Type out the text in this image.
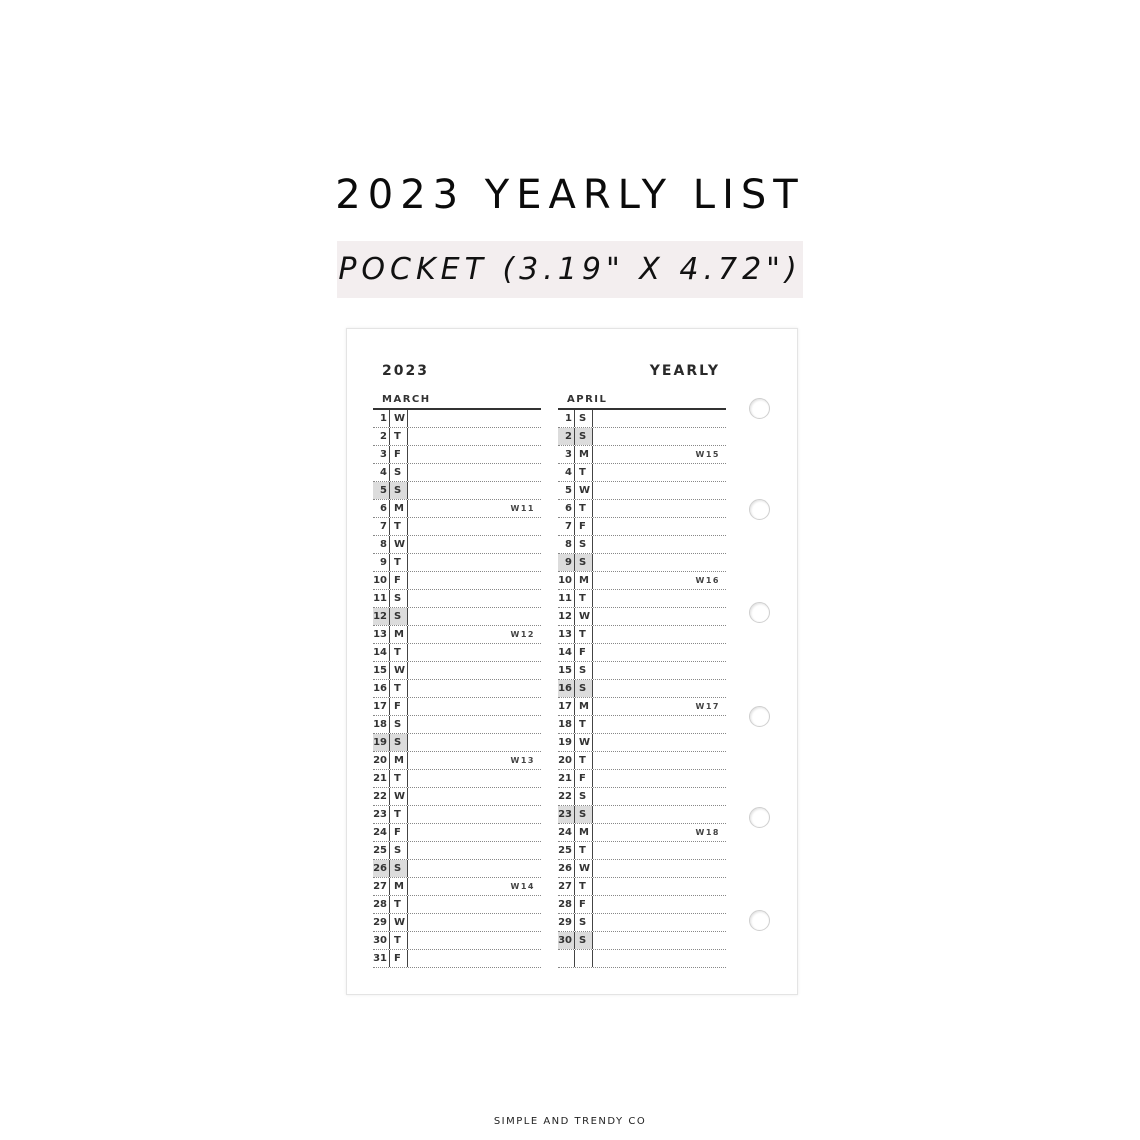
2023 YEARLY LIST
POCKET (3.19" X 4.72")
2023	YEARLY
MARCH
1 W
2 T
3 F
4 S
5 S
6 M	W11
7 T
8 W
9 T
10 F
11 S
12 S
13 M	W12
14 T
15 W
16 T
17 F
18 S
19 S
20 M	W13
21 T
22 W
23 T
24 F
25 S
26 S
27 M	W14
28 T
29 W
30 T
31 F
APRIL
1 S
2 S
3 M	W15
4 T
5 W
6 T
7 F
8 S
9 S
10 M	W16
11 T
12 W
13 T
14 F
15 S
16 S
17 M	W17
18 T
19 W
20 T
21 F
22 S
23 S
24 M	W18
25 T
26 W
27 T
28 F
29 S
30 S
SIMPLE AND TRENDY CO
